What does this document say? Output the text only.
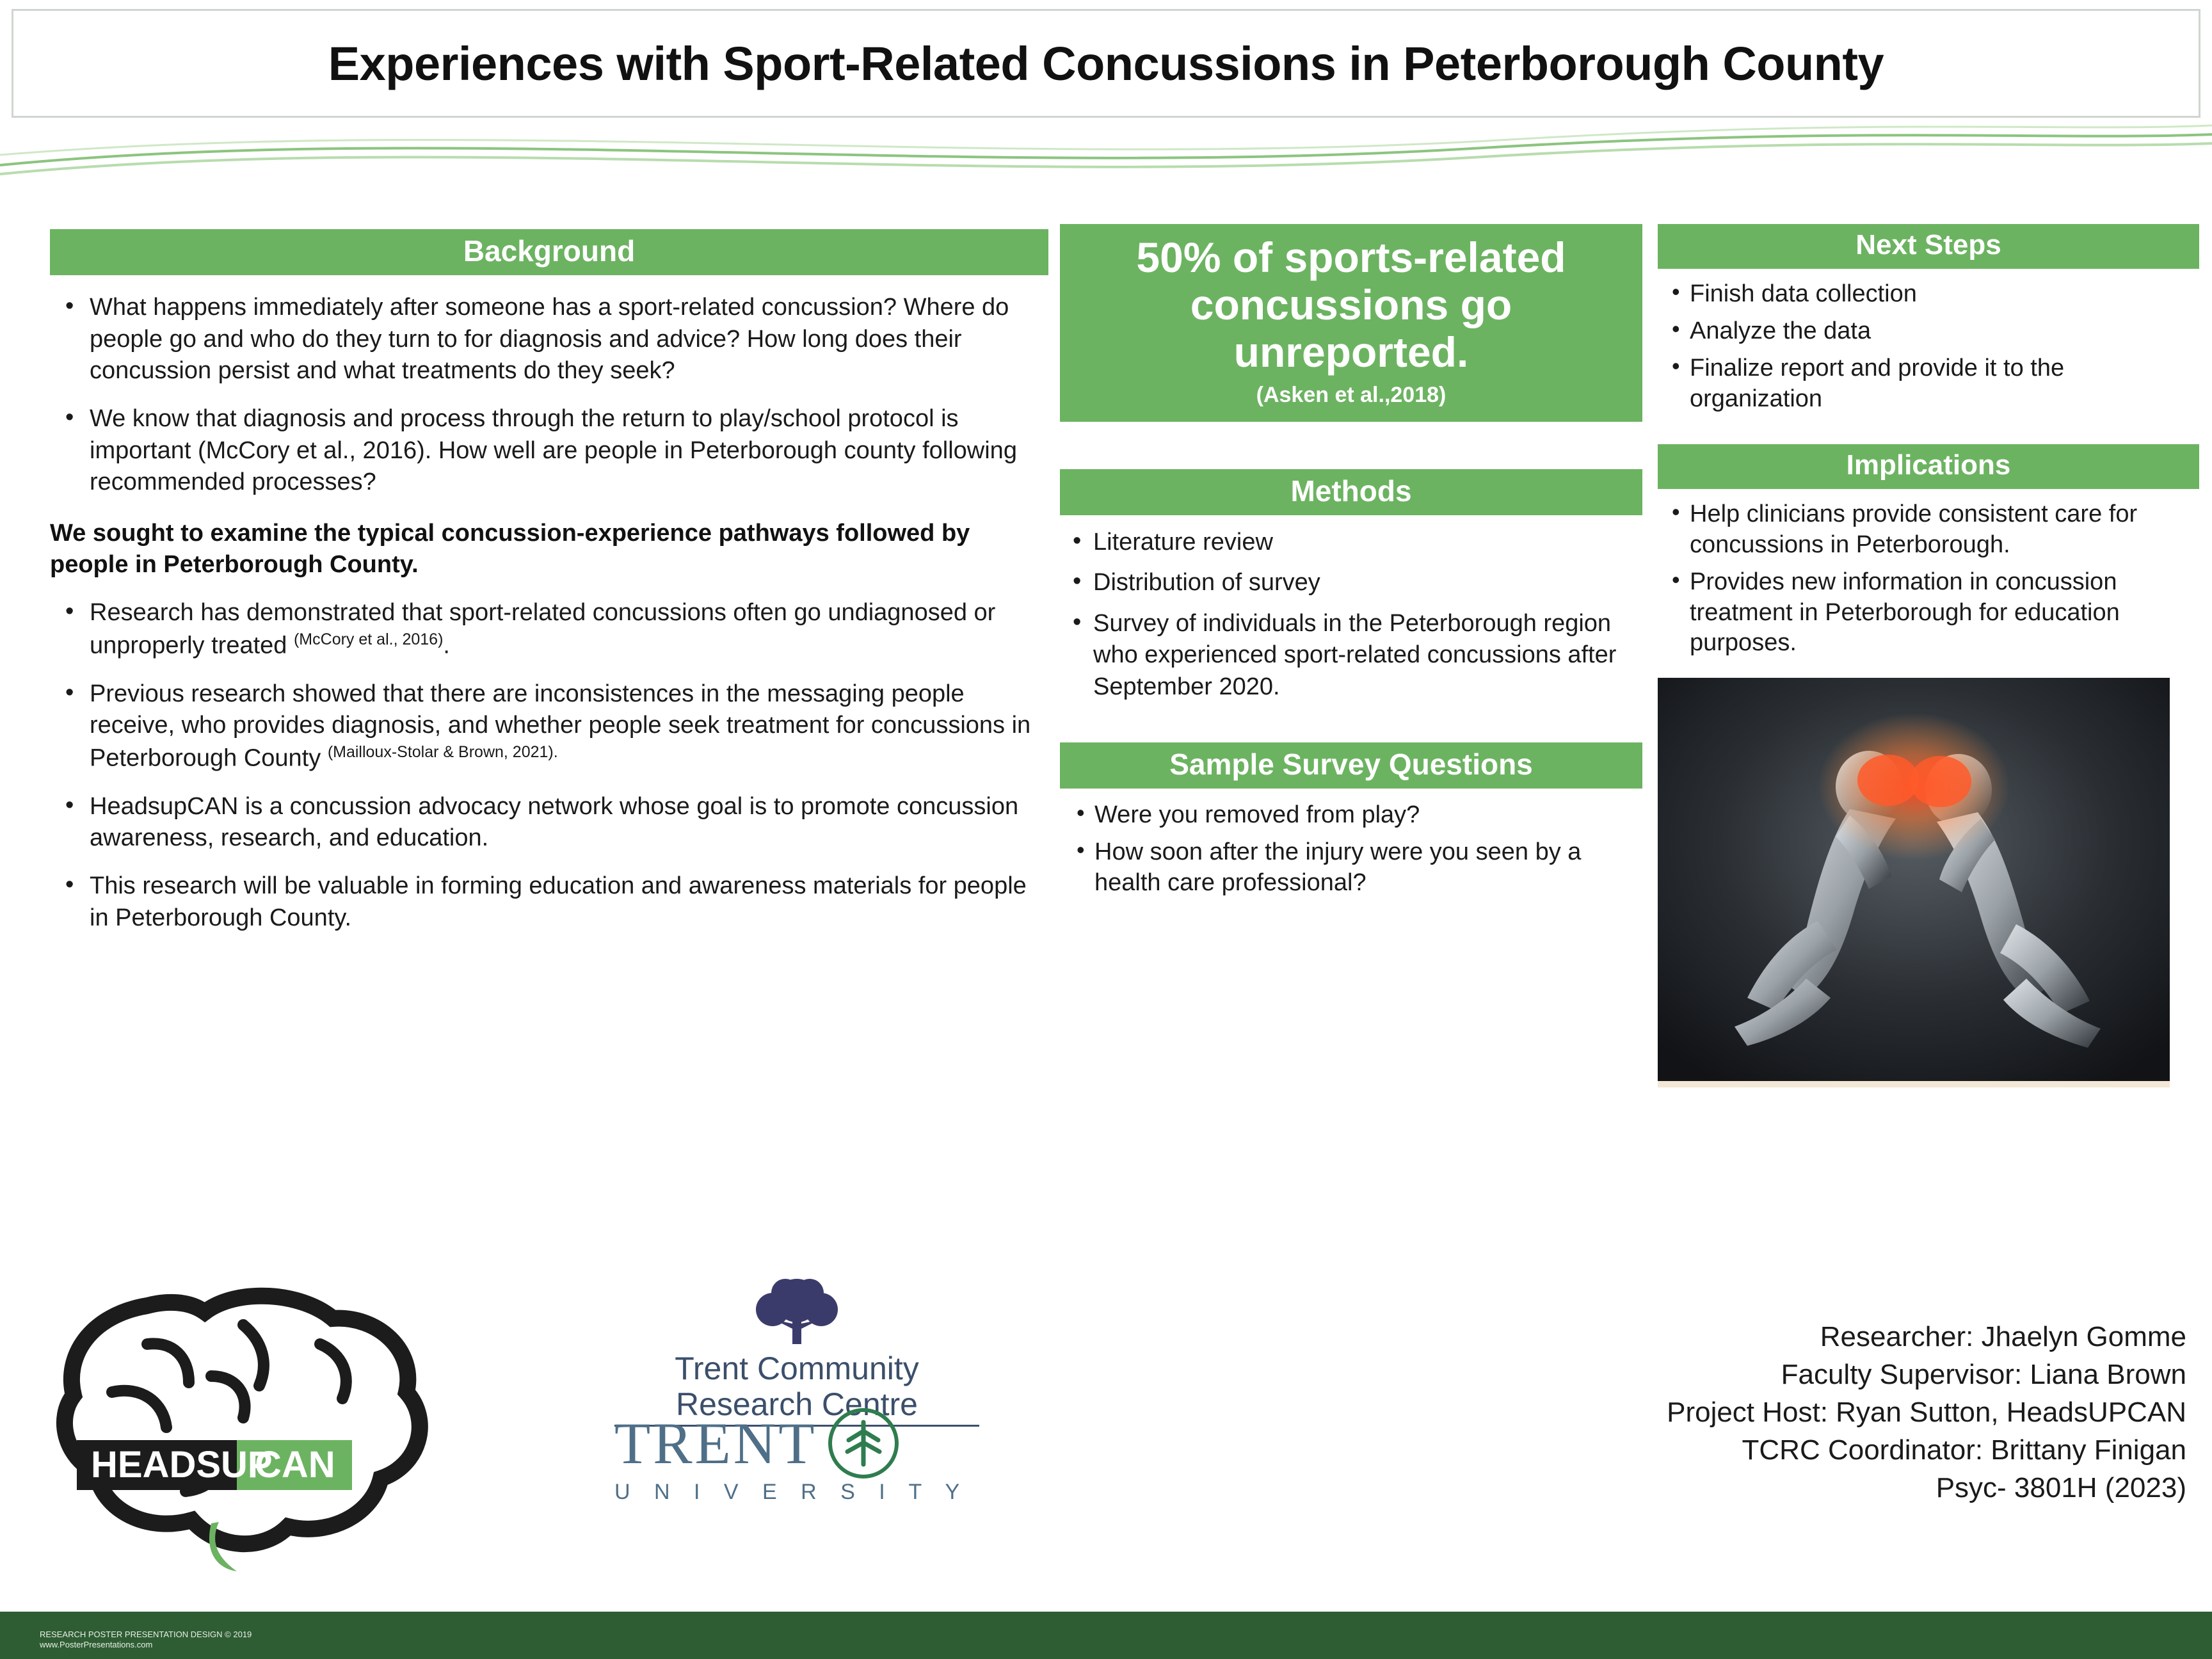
Experiences with Sport-Related Concussions in Peterborough County
Background
• What happens immediately after someone has a sport-related concussion? Where do people go and who do they turn to for diagnosis and advice? How long does their concussion persist and what treatments do they seek?
• We know that diagnosis and process through the return to play/school protocol is important (McCory et al., 2016). How well are people in Peterborough county following recommended processes?
We sought to examine the typical concussion-experience pathways followed by people in Peterborough County.
• Research has demonstrated that sport-related concussions often go undiagnosed or unproperly treated $^{(McCory et al., 2016)}$.
• Previous research showed that there are inconsistences in the messaging people receive, who provides diagnosis, and whether people seek treatment for concussions in Peterborough County $^{(Mailloux-Stolar \& Brown, 2021).}$
• HeadsupCAN is a concussion advocacy network whose goal is to promote concussion awareness, research, and education.
• This research will be valuable in forming education and awareness materials for people in Peterborough County.
50% of sports-related concussions go unreported.
(Asken et al.,2018)
Methods
• Literature review
• Distribution of survey
• Survey of individuals in the Peterborough region who experienced sport-related concussions after September 2020.
Sample Survey Questions
• Were you removed from play?
• How soon after the injury were you seen by a health care professional?
Next Steps
• Finish data collection
• Analyze the data
• Finalize report and provide it to the organization
Implications
• Help clinicians provide consistent care for concussions in Peterborough.
• Provides new information in concussion treatment in Peterborough for education purposes.
Researcher: Jhaelyn Gomme
Faculty Supervisor: Liana Brown
Project Host: Ryan Sutton, HeadsUPCAN
TCRC Coordinator: Brittany Finigan
Psyc- 3801H (2023)
HEADSUP
CAN
Trent Community
Research Centre
TRENT
U N I V E R S I T Y
RESEARCH POSTER PRESENTATION DESIGN © 2019
www.PosterPresentations.com
